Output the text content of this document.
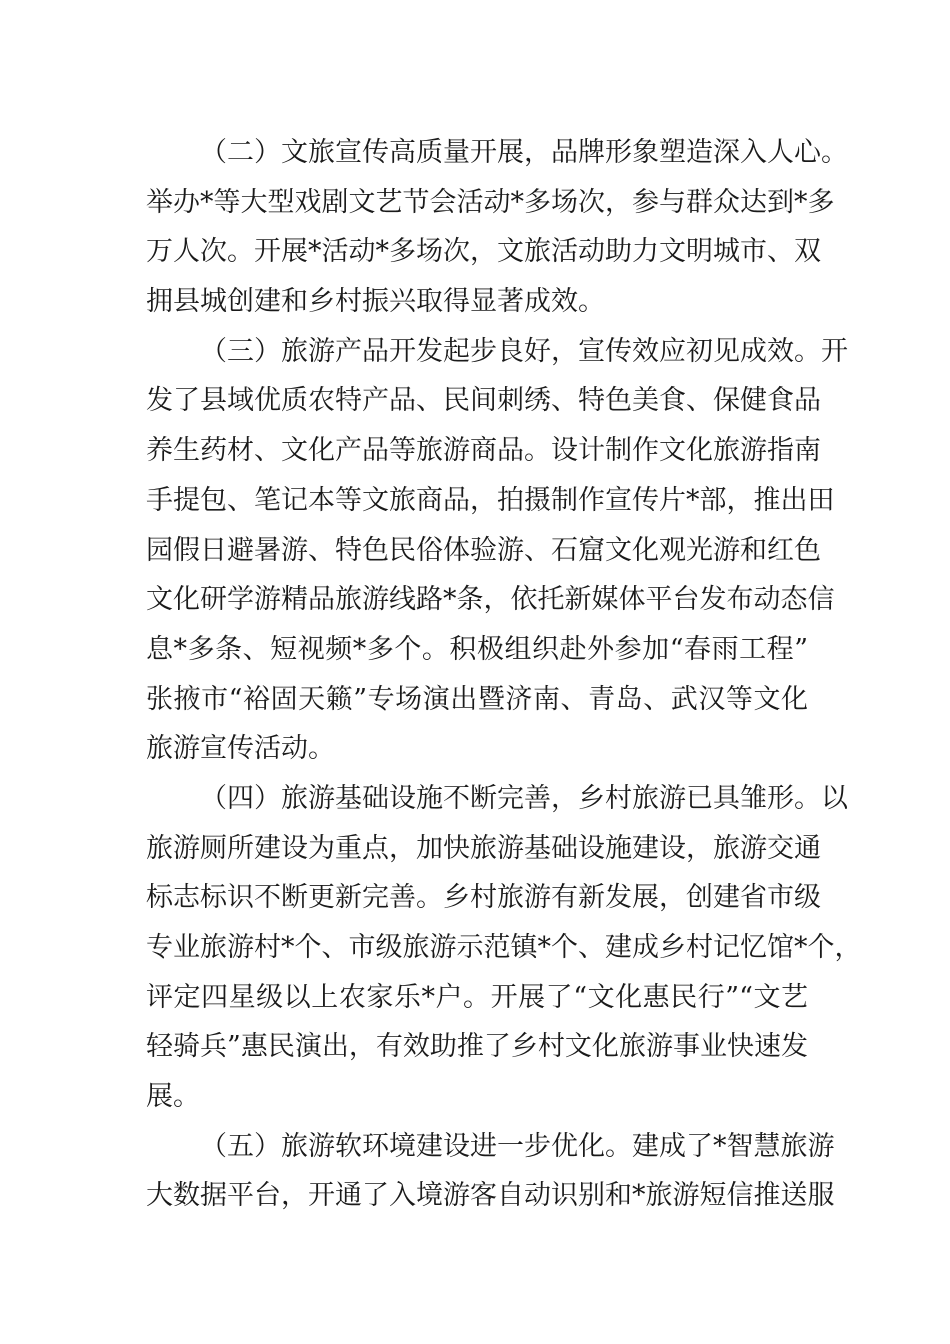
（二）文旅宣传高质量开展，品牌形象塑造深入人心。
举办*等大型戏剧文艺节会活动*多场次，参与群众达到*多
万人次。开展*活动*多场次，文旅活动助力文明城市、双
拥县城创建和乡村振兴取得显著成效。
（三）旅游产品开发起步良好，宣传效应初见成效。开
发了县域优质农特产品、民间刺绣、特色美食、保健食品
养生药材、文化产品等旅游商品。设计制作文化旅游指南
手提包、笔记本等文旅商品，拍摄制作宣传片*部，推出田
园假日避暑游、特色民俗体验游、石窟文化观光游和红色
文化研学游精品旅游线路*条，依托新媒体平台发布动态信
息*多条、短视频*多个。积极组织赴外参加“春雨工程”
张掖市“裕固天籁”专场演出暨济南、青岛、武汉等文化
旅游宣传活动。
（四）旅游基础设施不断完善，乡村旅游已具雏形。以
旅游厕所建设为重点，加快旅游基础设施建设，旅游交通
标志标识不断更新完善。乡村旅游有新发展，创建省市级
专业旅游村*个、市级旅游示范镇*个、建成乡村记忆馆*个，
评定四星级以上农家乐*户。开展了“文化惠民行”“文艺
轻骑兵”惠民演出，有效助推了乡村文化旅游事业快速发
展。
（五）旅游软环境建设进一步优化。建成了*智慧旅游
大数据平台，开通了入境游客自动识别和*旅游短信推送服
